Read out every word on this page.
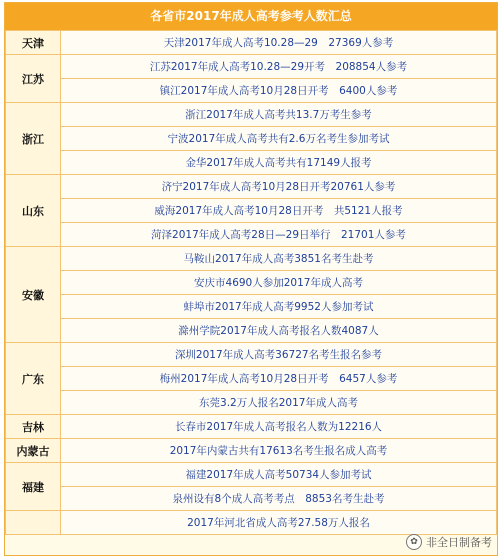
各省市2017年成人高考参考人数汇总
天津	天津2017年成人高考10.28—29　27369人参考
江苏	江苏2017年成人高考10.28—29开考　208854人参考
	镇江2017年成人高考10月28日开考　6400人参考
浙江	浙江2017年成人高考共13.7万考生参考
	宁波2017年成人高考共有2.6万名考生参加考试
	金华2017年成人高考共有17149人报考
山东	济宁2017年成人高考10月28日开考20761人参考
	威海2017年成人高考10月28日开考　共5121人报考
	菏泽2017年成人高考28日—29日举行　21701人参考
安徽	马鞍山2017年成人高考3851名考生赴考
	安庆市4690人参加2017年成人高考
	蚌埠市2017年成人高考9952人参加考试
	滁州学院2017年成人高考报名人数4087人
广东	深圳2017年成人高考36727名考生报名参考
	梅州2017年成人高考10月28日开考　6457人参考
	东莞3.2万人报名2017年成人高考
吉林	长春市2017年成人高考报名人数为12216人
内蒙古	2017年内蒙古共有17613名考生报名成人高考
福建	福建2017年成人高考50734人参加考试
	泉州设有8个成人高考考点　8853名考生赴考
	2017年河北省成人高考27.58万人报名
✿ 非全日制备考
